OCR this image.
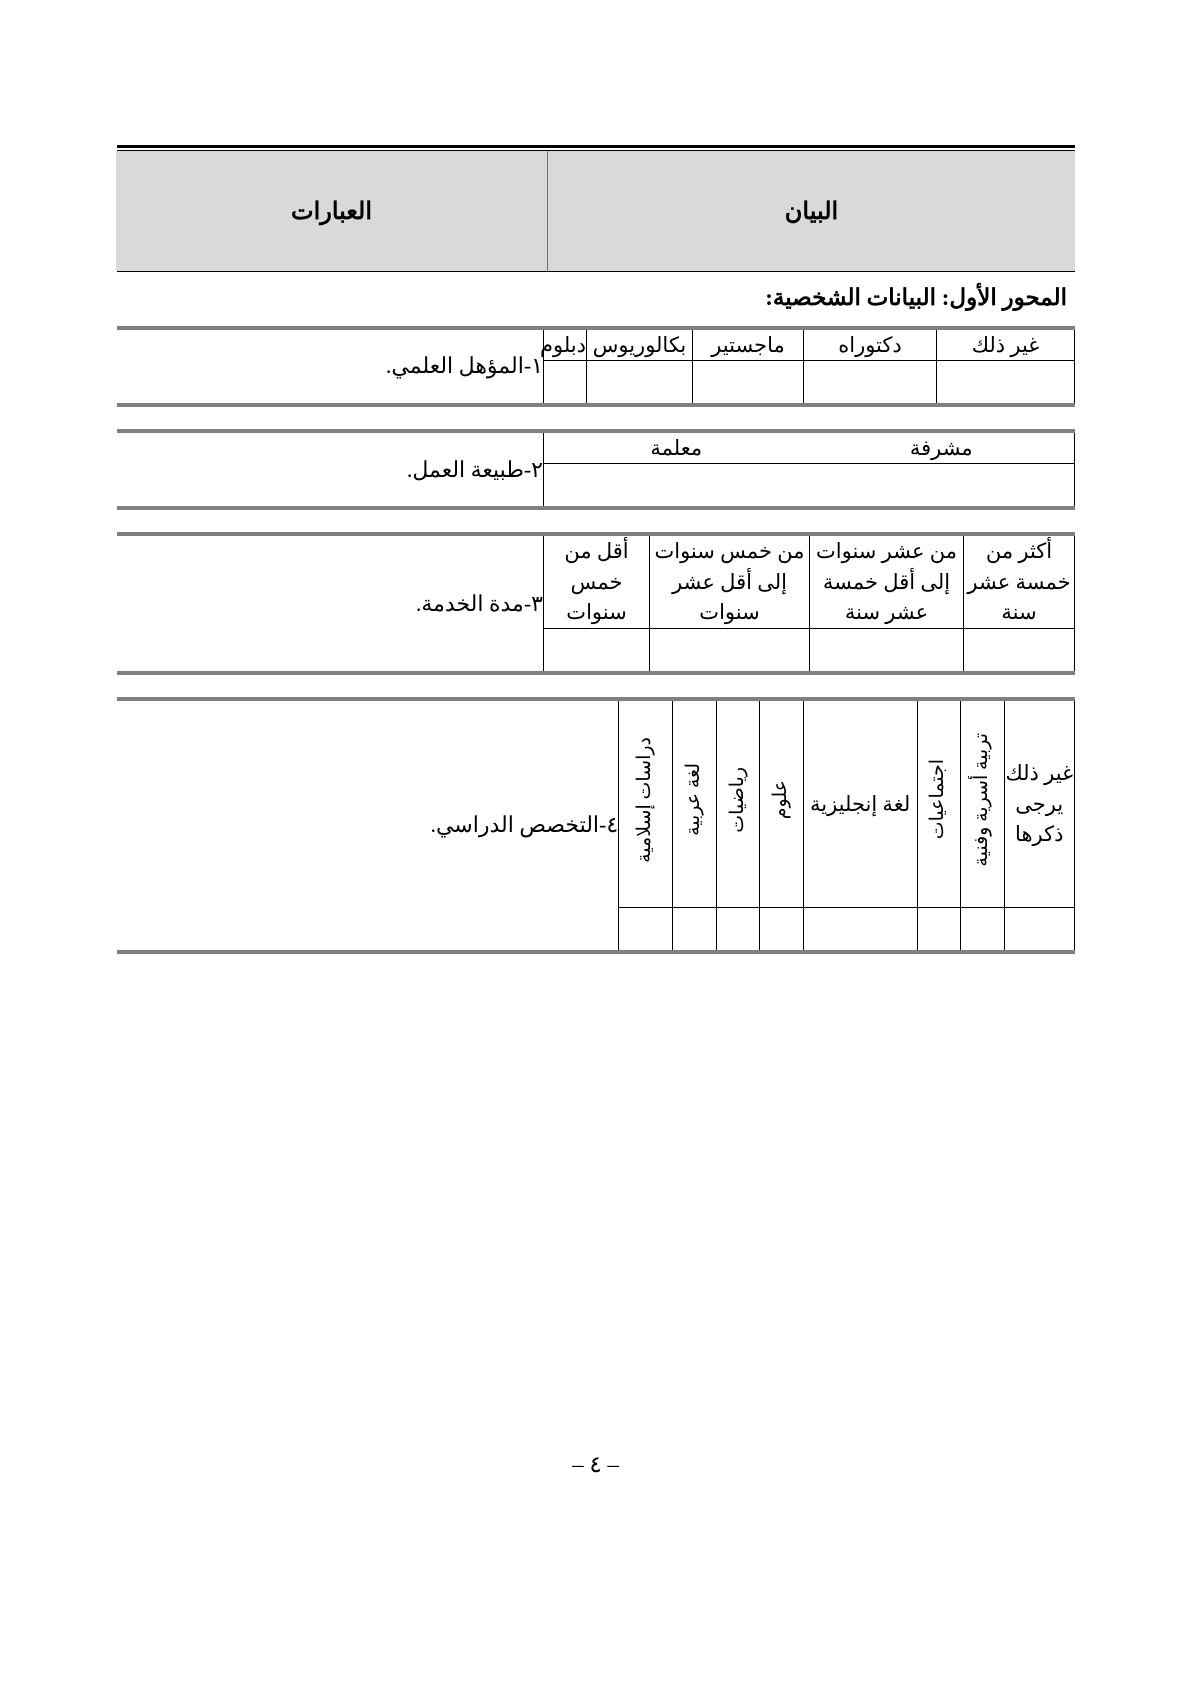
البيان	العبارات
المحور الأول: البيانات الشخصية:
غير ذلك	دكتوراه	ماجستير	بكالوريوس	دبلوم	١-المؤهل العلمي.

مشرفة	معلمة	٢-طبيعة العمل.

أكثر من خمسة عشر سنة	من عشر سنوات إلى أقل خمسة عشر سنة	من خمس سنوات إلى أقل عشر سنوات	أقل من خمس سنوات	٣-مدة الخدمة.

غير ذلك يرجى ذكرها	تربية أسرية وفنية	اجتماعيات	لغة إنجليزية	علوم	رياضيات	لغة عربية	دراسات إسلامية	٤-التخصص الدراسي.

– ٤ –
